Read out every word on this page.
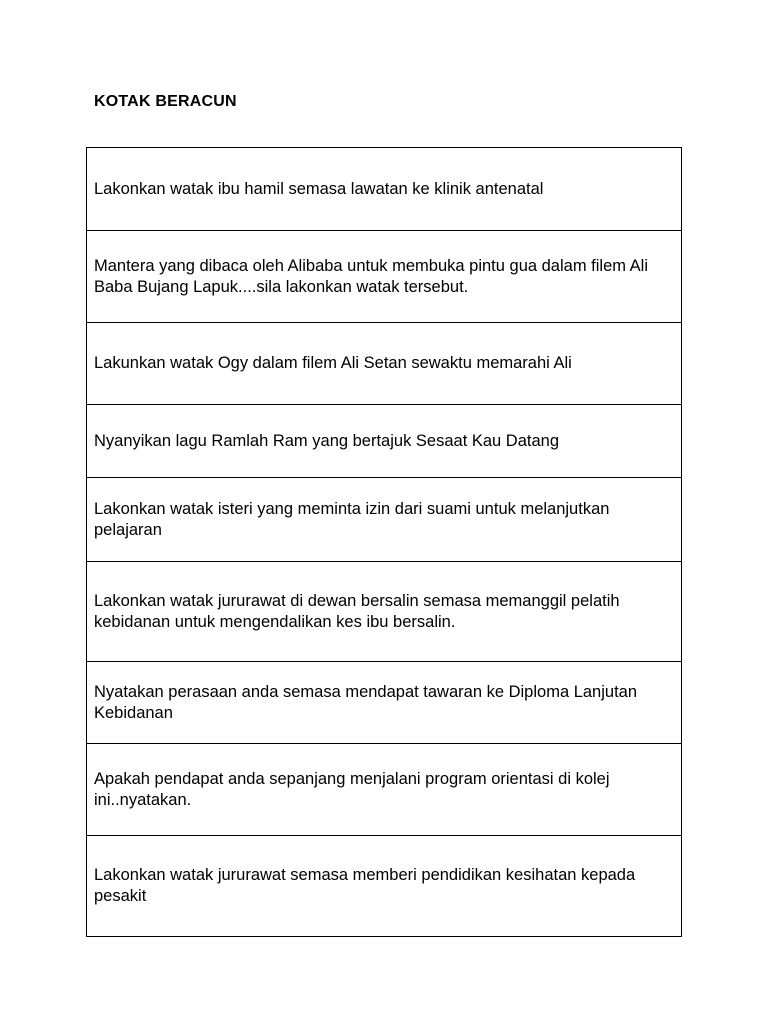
KOTAK BERACUN
Lakonkan watak ibu hamil semasa lawatan ke klinik antenatal
Mantera yang dibaca oleh Alibaba untuk membuka pintu gua dalam filem Ali Baba Bujang Lapuk....sila lakonkan watak tersebut.
Lakunkan watak Ogy dalam filem Ali Setan sewaktu memarahi Ali
Nyanyikan lagu Ramlah Ram yang bertajuk Sesaat Kau Datang
Lakonkan watak isteri yang meminta izin dari suami untuk melanjutkan pelajaran
Lakonkan watak jururawat di dewan bersalin semasa memanggil pelatih kebidanan untuk mengendalikan kes ibu bersalin.
Nyatakan perasaan anda semasa mendapat tawaran ke Diploma Lanjutan Kebidanan
Apakah pendapat anda sepanjang menjalani program orientasi di kolej ini..nyatakan.
Lakonkan watak jururawat semasa memberi pendidikan kesihatan kepada pesakit
